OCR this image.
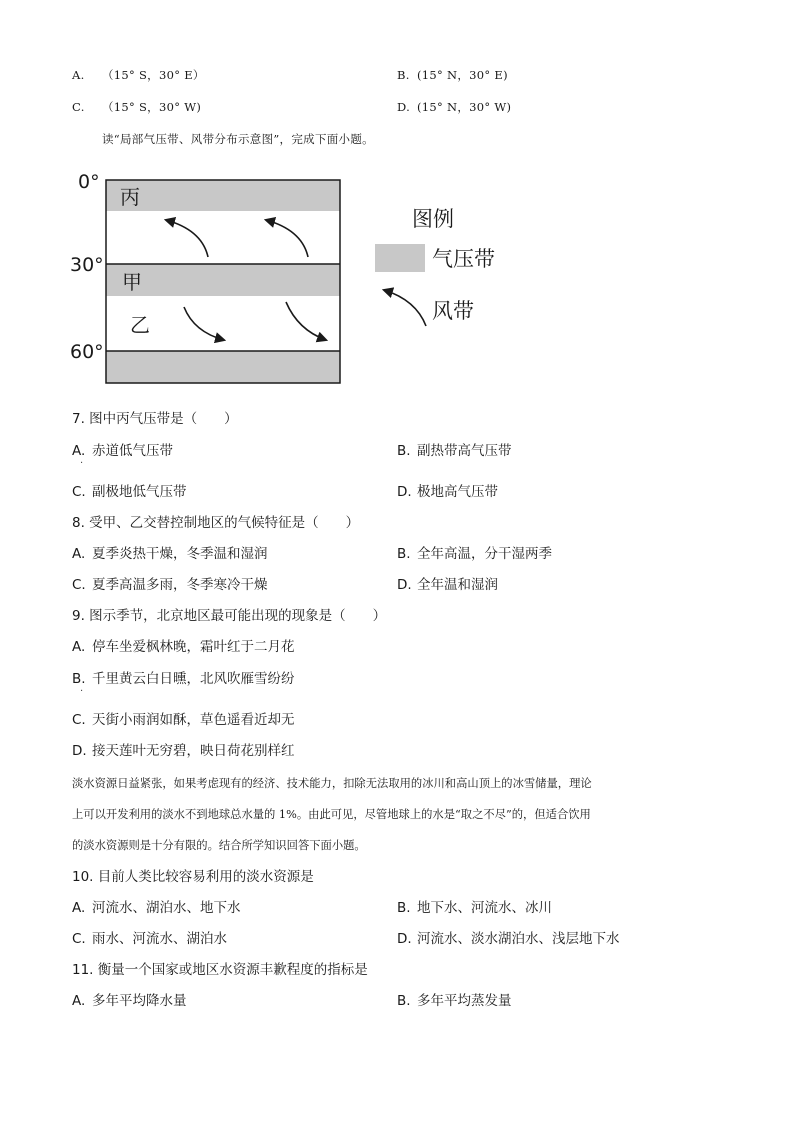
A. （15° S，30° E）	B. (15° N，30° E)
C. （15° S，30° W)	D. (15° N，30° W)
读“局部气压带、风带分布示意图”，完成下面小题。
0°
30°
60°
丙
甲
乙
图例
气压带
风带
7. 图中丙气压带是（　　）
A. 赤道低气压带
·
B. 副热带高气压带
C. 副极地低气压带	D. 极地高气压带
8. 受甲、乙交替控制地区的气候特征是（　　）
A. 夏季炎热干燥，冬季温和湿润	B. 全年高温，分干湿两季
C. 夏季高温多雨，冬季寒冷干燥	D. 全年温和湿润
9. 图示季节，北京地区最可能出现的现象是（　　）
A. 停车坐爱枫林晚，霜叶红于二月花
B. 千里黄云白日曛，北风吹雁雪纷纷
·
C. 天街小雨润如酥，草色遥看近却无
D. 接天莲叶无穷碧，映日荷花别样红
淡水资源日益紧张，如果考虑现有的经济、技术能力，扣除无法取用的冰川和高山顶上的冰雪储量，理论
上可以开发利用的淡水不到地球总水量的 1%。由此可见，尽管地球上的水是“取之不尽”的，但适合饮用
的淡水资源则是十分有限的。结合所学知识回答下面小题。
10. 目前人类比较容易利用的淡水资源是
A. 河流水、湖泊水、地下水	B. 地下水、河流水、冰川
C. 雨水、河流水、湖泊水	D. 河流水、淡水湖泊水、浅层地下水
11. 衡量一个国家或地区水资源丰歉程度的指标是
A. 多年平均降水量	B. 多年平均蒸发量
